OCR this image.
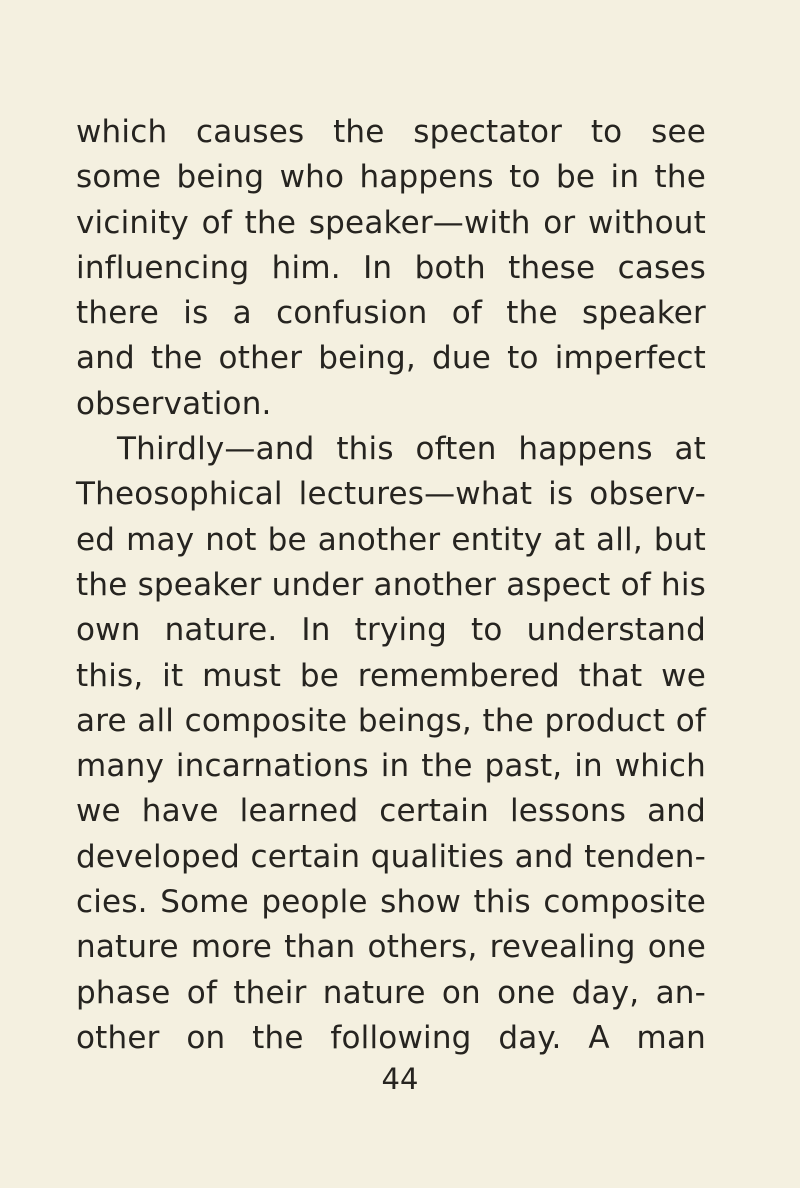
which causes the spectator to see
some being who happens to be in the
vicinity of the speaker—with or without
influencing him. In both these cases
there is a confusion of the speaker
and the other being, due to imperfect
observation.
Thirdly—and this often happens at
Theosophical lectures—what is observ-
ed may not be another entity at all, but
the speaker under another aspect of his
own nature. In trying to understand
this, it must be remembered that we
are all composite beings, the product of
many incarnations in the past, in which
we have learned certain lessons and
developed certain qualities and tenden-
cies. Some people show this composite
nature more than others, revealing one
phase of their nature on one day, an-
other on the following day. A man
44
